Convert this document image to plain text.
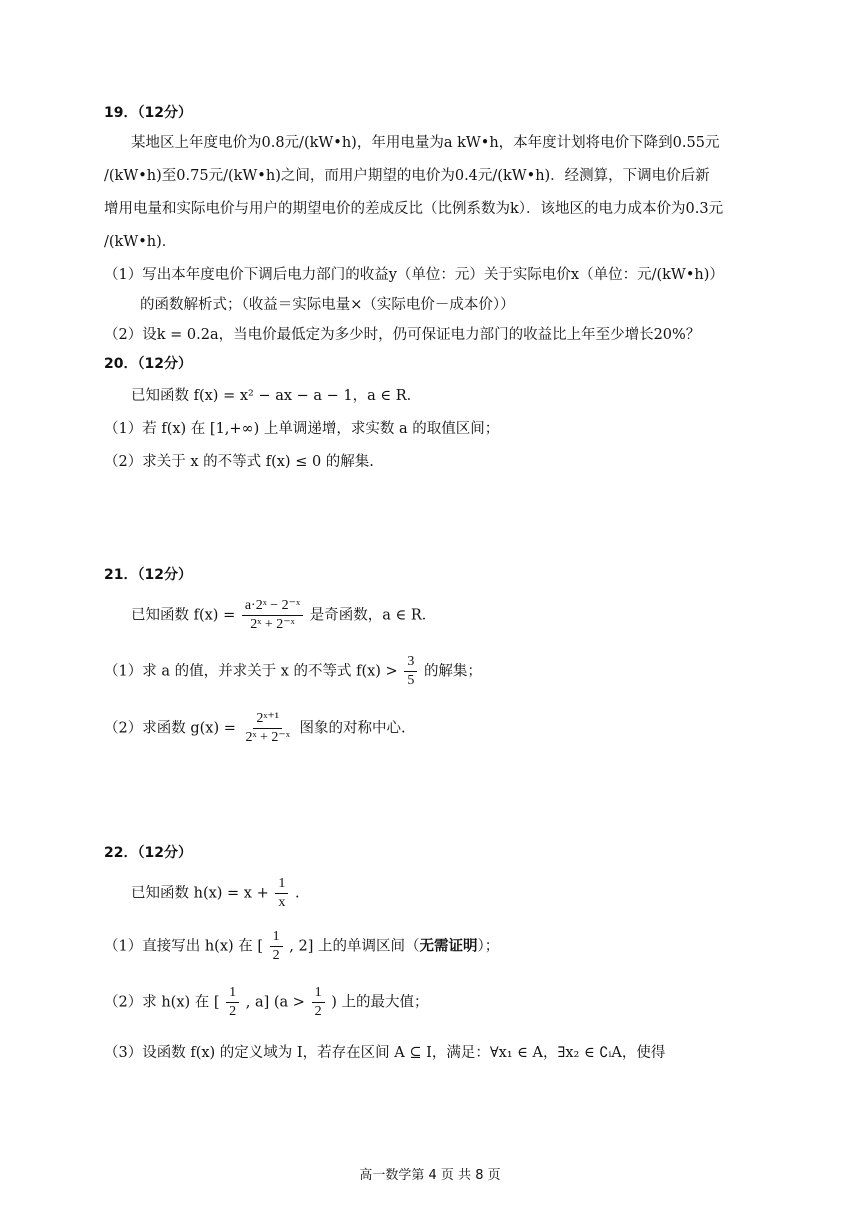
19．（12分）
某地区上年度电价为0.8元/(kW•h)，年用电量为a kW•h，本年度计划将电价下降到0.55元
/(kW•h)至0.75元/(kW•h)之间，而用户期望的电价为0.4元/(kW•h)．经测算，下调电价后新
增用电量和实际电价与用户的期望电价的差成反比（比例系数为k）．该地区的电力成本价为0.3元
/(kW•h)．
（1）写出本年度电价下调后电力部门的收益y（单位：元）关于实际电价x（单位：元/(kW•h)）
的函数解析式；（收益＝实际电量×（实际电价－成本价））
（2）设k = 0.2a，当电价最低定为多少时，仍可保证电力部门的收益比上年至少增长20%？
20．（12分）
已知函数 f(x) = x² − ax − a − 1，a ∈ R．
（1）若 f(x) 在 [1,+∞) 上单调递增，求实数 a 的取值区间；
（2）求关于 x 的不等式 f(x) ≤ 0 的解集.
21．（12分）
已知函数 $f(x) = \frac{\text{a·2ˣ − 2⁻ˣ}}{\text{2ˣ + 2⁻ˣ}}$ 是奇函数，a ∈ R．
（1）求 a 的值，并求关于 x 的不等式 $f(x) > \frac{3}{5}$ 的解集；
（2）求函数 $g(x) = \frac{\text{2ˣ⁺¹}}{\text{2ˣ + 2⁻ˣ}}$ 图象的对称中心.
22．（12分）
已知函数 $h(x) = x + \frac{1}{x}$ .
（1）直接写出 h(x) 在 [ $\frac{1}{2}$ , 2] 上的单调区间（无需证明）；
（2）求 h(x) 在 [ $\frac{1}{2}$ , a] ($a > \frac{1}{2}$ ) 上的最大值；
（3）设函数 f(x) 的定义域为 I，若存在区间 A ⊆ I，满足：∀x₁ ∈ A，∃x₂ ∈ ∁ᵢA，使得
高一数学第 4 页 共 8 页
